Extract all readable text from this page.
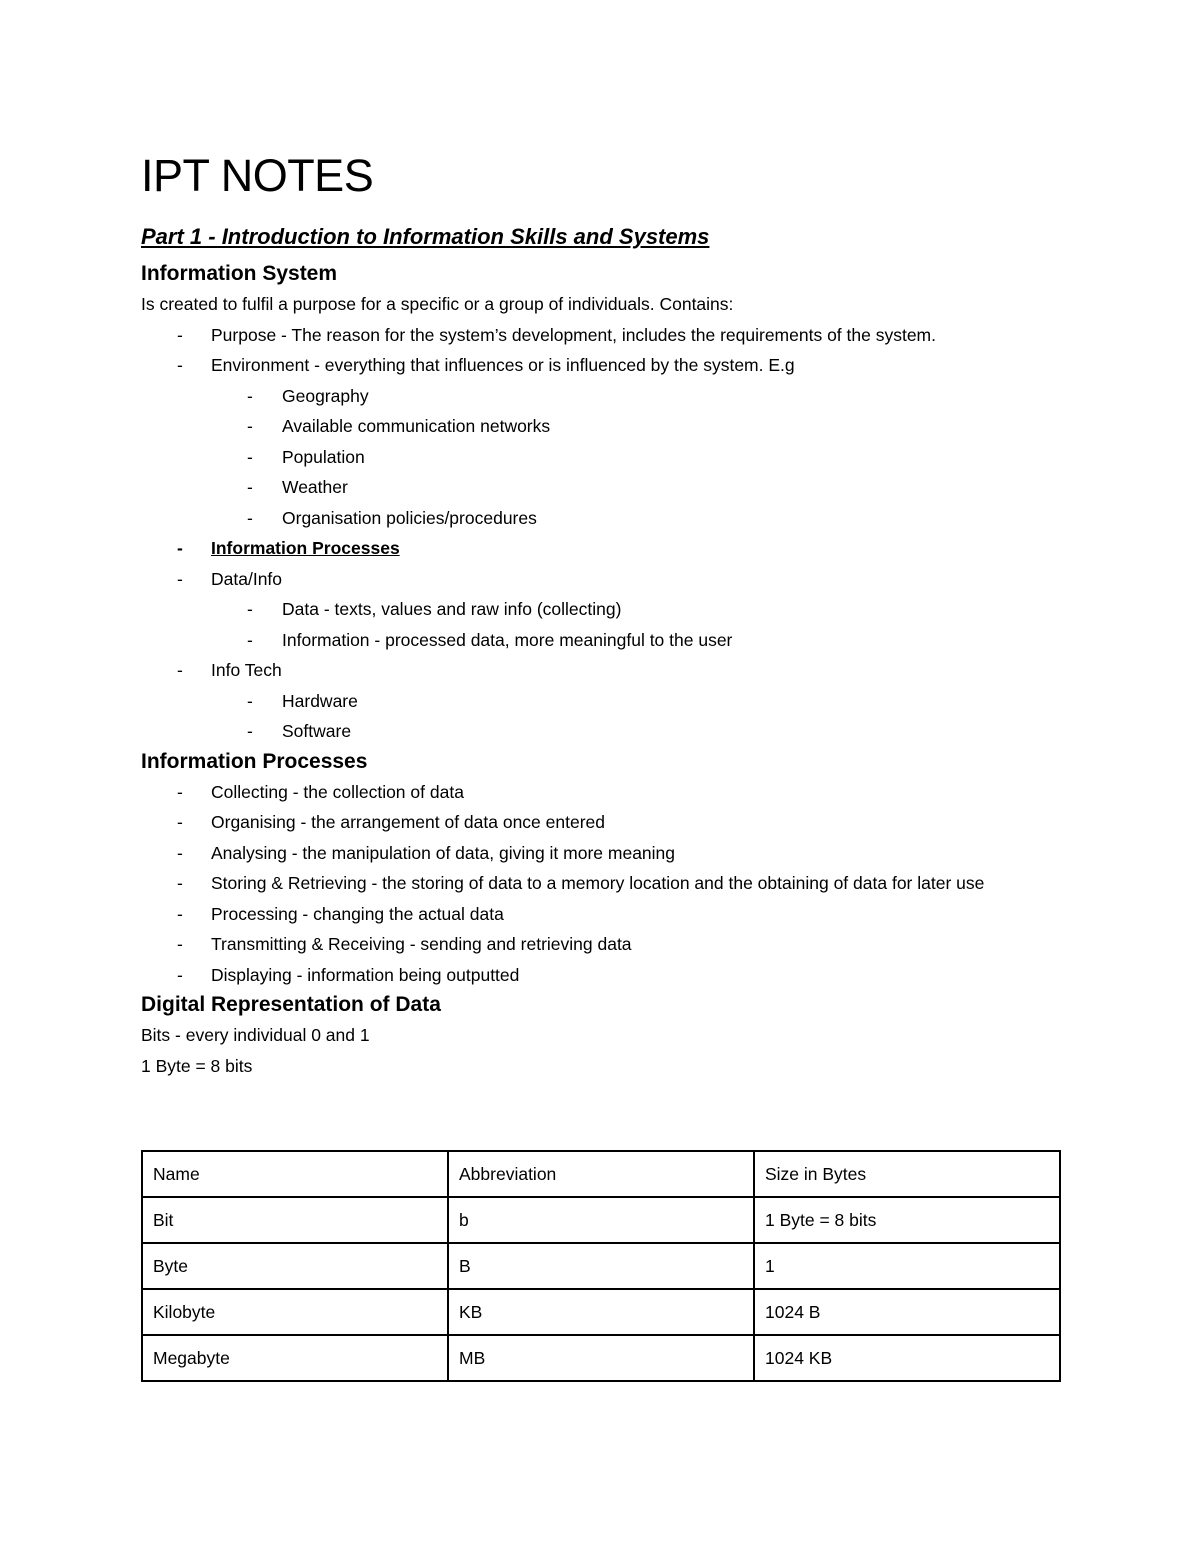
IPT NOTES
Part 1 - Introduction to Information Skills and Systems
Information System

Is created to fulfil a purpose for a specific or a group of individuals. Contains:

- Purpose - The reason for the system’s development, includes the requirements of the system.
- Environment - everything that influences or is influenced by the system. E.g
- Geography
- Available communication networks
- Population
- Weather
- Organisation policies/procedures
- Information Processes
- Data/Info
- Data - texts, values and raw info (collecting)
- Information - processed data, more meaningful to the user
- Info Tech
- Hardware
- Software
Information Processes
- Collecting - the collection of data
- Organising - the arrangement of data once entered
- Analysing - the manipulation of data, giving it more meaning
- Storing & Retrieving - the storing of data to a memory location and the obtaining of data for later use
- Processing - changing the actual data
- Transmitting & Receiving - sending and retrieving data
- Displaying - information being outputted
Digital Representation of Data

Bits - every individual 0 and 1

1 Byte = 8 bits

Name	Abbreviation	Size in Bytes
Bit	b	1 Byte = 8 bits
Byte	B	1
Kilobyte	KB	1024 B
Megabyte	MB	1024 KB
